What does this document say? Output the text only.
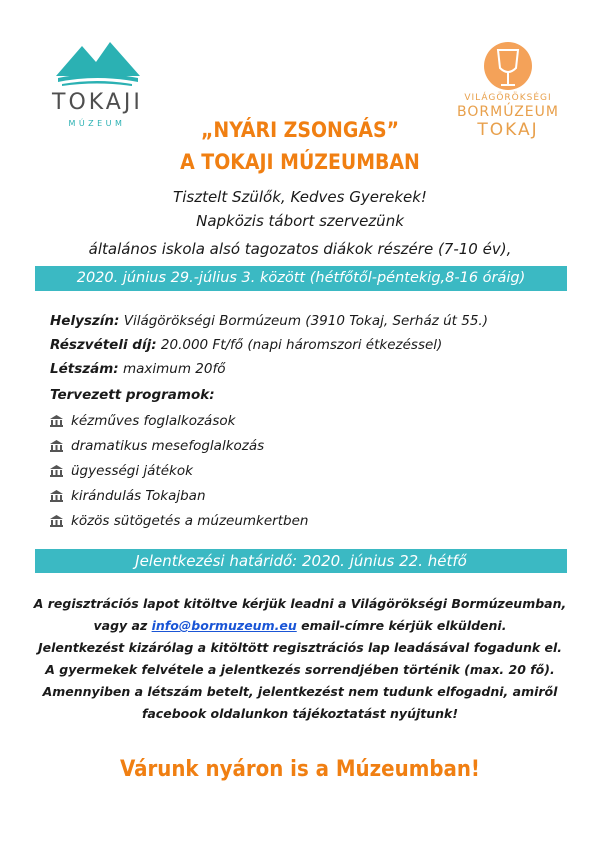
TOKAJI
MÚZEUM
VILÁGÖRÖKSÉGI
BORMÚZEUM
TOKAJ
„NYÁRI ZSONGÁS”
A TOKAJI MÚZEUMBAN
Tisztelt Szülők, Kedves Gyerekek!
Napközis tábort szervezünk
általános iskola alsó tagozatos diákok részére (7-10 év),
2020. június 29.-július 3. között (hétfőtől-péntekig,8-16 óráig)
Helyszín: Világörökségi Bormúzeum (3910 Tokaj, Serház út 55.)
Részvételi díj: 20.000 Ft/fő (napi háromszori étkezéssel)
Létszám: maximum 20fő
Tervezett programok:
kézműves foglalkozások
dramatikus mesefoglalkozás
ügyességi játékok
kirándulás Tokajban
közös sütögetés a múzeumkertben
Jelentkezési határidő: 2020. június 22. hétfő
A regisztrációs lapot kitöltve kérjük leadni a Világörökségi Bormúzeumban,
vagy az info@bormuzeum.eu email-címre kérjük elküldeni.
Jelentkezést kizárólag a kitöltött regisztrációs lap leadásával fogadunk el.
A gyermekek felvétele a jelentkezés sorrendjében történik (max. 20 fő).
Amennyiben a létszám betelt, jelentkezést nem tudunk elfogadni, amiről
facebook oldalunkon tájékoztatást nyújtunk!
Várunk nyáron is a Múzeumban!
